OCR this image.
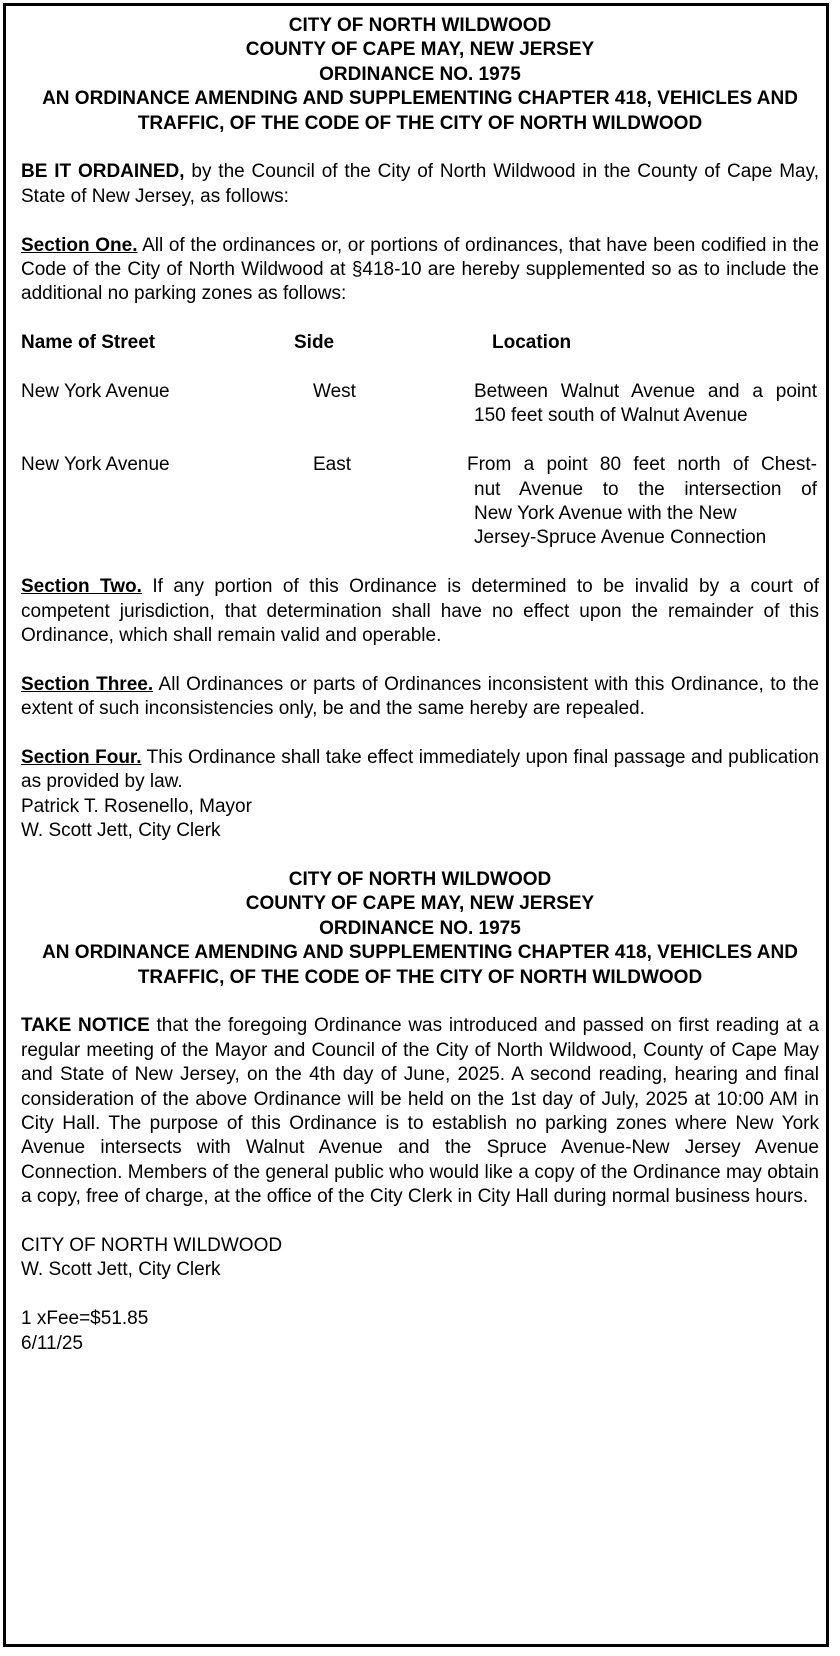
CITY OF NORTH WILDWOOD
COUNTY OF CAPE MAY, NEW JERSEY
ORDINANCE NO. 1975
AN ORDINANCE AMENDING AND SUPPLEMENTING CHAPTER 418, VEHICLES AND
TRAFFIC, OF THE CODE OF THE CITY OF NORTH WILDWOOD

BE IT ORDAINED, by the Council of the City of North Wildwood in the County of Cape May, State of New Jersey, as follows:

Section One. All of the ordinances or, or portions of ordinances, that have been codified in the Code of the City of North Wildwood at §418-10 are hereby supplemented so as to include the additional no parking zones as follows:

Name of Street	Side	Location
New York Avenue	West	Between Walnut Avenue and a point
150 feet south of Walnut Avenue
New York Avenue	East	From a point 80 feet north of Chest-
nut Avenue to the intersection of
New York Avenue with the New
Jersey-Spruce Avenue Connection

Section Two. If any portion of this Ordinance is determined to be invalid by a court of competent jurisdiction, that determination shall have no effect upon the remainder of this Ordinance, which shall remain valid and operable.

Section Three. All Ordinances or parts of Ordinances inconsistent with this Ordinance, to the extent of such inconsistencies only, be and the same hereby are repealed.

Section Four. This Ordinance shall take effect immediately upon final passage and publication as provided by law.

Patrick T. Rosenello, Mayor

W. Scott Jett, City Clerk

CITY OF NORTH WILDWOOD
COUNTY OF CAPE MAY, NEW JERSEY
ORDINANCE NO. 1975
AN ORDINANCE AMENDING AND SUPPLEMENTING CHAPTER 418, VEHICLES AND
TRAFFIC, OF THE CODE OF THE CITY OF NORTH WILDWOOD

TAKE NOTICE that the foregoing Ordinance was introduced and passed on first reading at a regular meeting of the Mayor and Council of the City of North Wildwood, County of Cape May and State of New Jersey, on the 4th day of June, 2025. A second reading, hearing and final consideration of the above Ordinance will be held on the 1st day of July, 2025 at 10:00 AM in City Hall. The purpose of this Ordinance is to establish no parking zones where New York Avenue intersects with Walnut Avenue and the Spruce Avenue-New Jersey Avenue Connection. Members of the general public who would like a copy of the Ordinance may obtain a copy, free of charge, at the office of the City Clerk in City Hall during normal business hours.

CITY OF NORTH WILDWOOD

W. Scott Jett, City Clerk

1 xFee=$51.85

6/11/25
